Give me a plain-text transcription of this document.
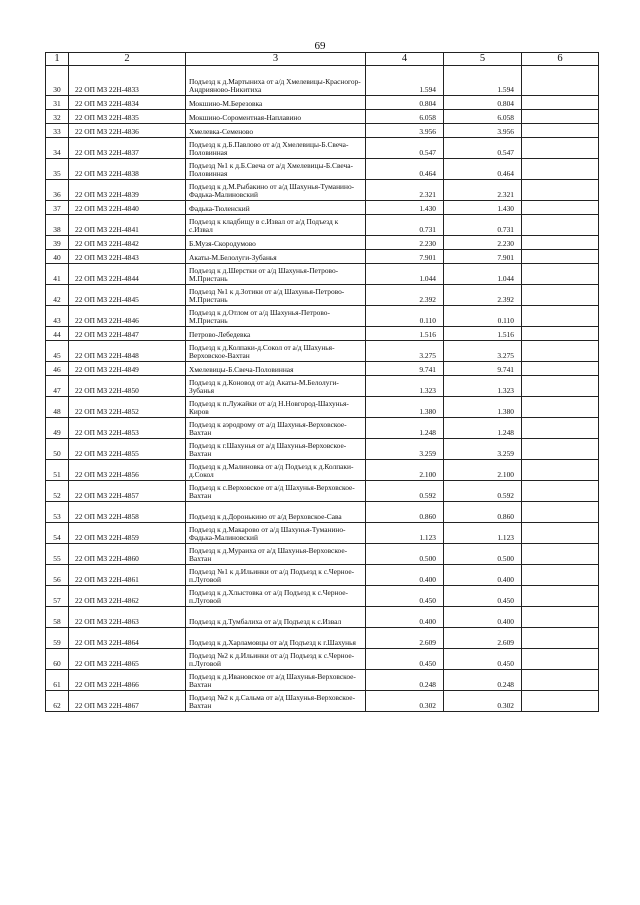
69
1	2	3	4	5	6
30	22 ОП МЗ 22Н-4833	Подъезд к д.Мартыниха от а/д Хмелевицы-Красногор-Андрияново-Никитиха	1.594	1.594	
31	22 ОП МЗ 22Н-4834	Мокшино-М.Березовка	0.804	0.804	
32	22 ОП МЗ 22Н-4835	Мокшино-Сороментная-Наплавино	6.058	6.058	
33	22 ОП МЗ 22Н-4836	Хмелевка-Семеново	3.956	3.956	
34	22 ОП МЗ 22Н-4837	Подъезд к д.Б.Павлово от а/д Хмелевицы-Б.Свеча-Половинная	0.547	0.547	
35	22 ОП МЗ 22Н-4838	Подъезд №1 к д.Б.Свеча от а/д Хмелевицы-Б.Свеча-Половинная	0.464	0.464	
36	22 ОП МЗ 22Н-4839	Подъезд к д.М.Рыбакино от а/д Шахунья-Туманино-Фадька-Малиновский	2.321	2.321	
37	22 ОП МЗ 22Н-4840	Фадька-Тюленский	1.430	1.430	
38	22 ОП МЗ 22Н-4841	Подъезд к кладбищу в с.Извал от а/д Подъезд к с.Извал	0.731	0.731	
39	22 ОП МЗ 22Н-4842	Б.Музя-Скородумово	2.230	2.230	
40	22 ОП МЗ 22Н-4843	Акаты-М.Белолуги-Зубанья	7.901	7.901	
41	22 ОП МЗ 22Н-4844	Подъезд к д.Шерстки от а/д Шахунья-Петрово-М.Пристань	1.044	1.044	
42	22 ОП МЗ 22Н-4845	Подъезд №1 к д.Зотики от а/д Шахунья-Петрово-М.Пристань	2.392	2.392	
43	22 ОП МЗ 22Н-4846	Подъезд к д.Отлом от а/д Шахунья-Петрово-М.Пристань	0.110	0.110	
44	22 ОП МЗ 22Н-4847	Петрово-Лебедевка	1.516	1.516	
45	22 ОП МЗ 22Н-4848	Подъезд к д.Колпаки-д.Сокол от а/д Шахунья-Верховское-Вахтан	3.275	3.275	
46	22 ОП МЗ 22Н-4849	Хмелевицы-Б.Свеча-Половинная	9.741	9.741	
47	22 ОП МЗ 22Н-4850	Подъезд к д.Коновод от а/д Акаты-М.Белолуги-Зубанья	1.323	1.323	
48	22 ОП МЗ 22Н-4852	Подъезд к п.Лужайки от а/д Н.Новгород-Шахунья-Киров	1.380	1.380	
49	22 ОП МЗ 22Н-4853	Подъезд к аэродрому от а/д Шахунья-Верховское-Вахтан	1.248	1.248	
50	22 ОП МЗ 22Н-4855	Подъезд к г.Шахунья от а/д Шахунья-Верховское-Вахтан	3.259	3.259	
51	22 ОП МЗ 22Н-4856	Подъезд к д.Малиновка от а/д Подъезд к д.Колпаки-д.Сокол	2.100	2.100	
52	22 ОП МЗ 22Н-4857	Подъезд к с.Верховское от а/д Шахунья-Верховское-Вахтан	0.592	0.592	
53	22 ОП МЗ 22Н-4858	Подъезд к д.Доронькино от а/д Верховское-Сава	0.860	0.860	
54	22 ОП МЗ 22Н-4859	Подъезд к д.Макарово от а/д Шахунья-Туманино-Фадька-Малиновский	1.123	1.123	
55	22 ОП МЗ 22Н-4860	Подъезд к д.Мураиха от а/д Шахунья-Верховское-Вахтан	0.500	0.500	
56	22 ОП МЗ 22Н-4861	Подъезд №1 к д.Ильинки от а/д Подъезд к с.Черное-п.Луговой	0.400	0.400	
57	22 ОП МЗ 22Н-4862	Подъезд к д.Хлыстовка от а/д Подъезд к с.Черное-п.Луговой	0.450	0.450	
58	22 ОП МЗ 22Н-4863	Подъезд к д.Тумбалиха от а/д Подъезд к с.Извал	0.400	0.400	
59	22 ОП МЗ 22Н-4864	Подъезд к д.Харламовцы от а/д Подъезд к г.Шахунья	2.609	2.609	
60	22 ОП МЗ 22Н-4865	Подъезд №2 к д.Ильинки от а/д Подъезд к с.Черное-п.Луговой	0.450	0.450	
61	22 ОП МЗ 22Н-4866	Подъезд к д.Ивановское от а/д Шахунья-Верховское-Вахтан	0.248	0.248	
62	22 ОП МЗ 22Н-4867	Подъезд №2 к д.Сальма от а/д Шахунья-Верховское-Вахтан	0.302	0.302	
